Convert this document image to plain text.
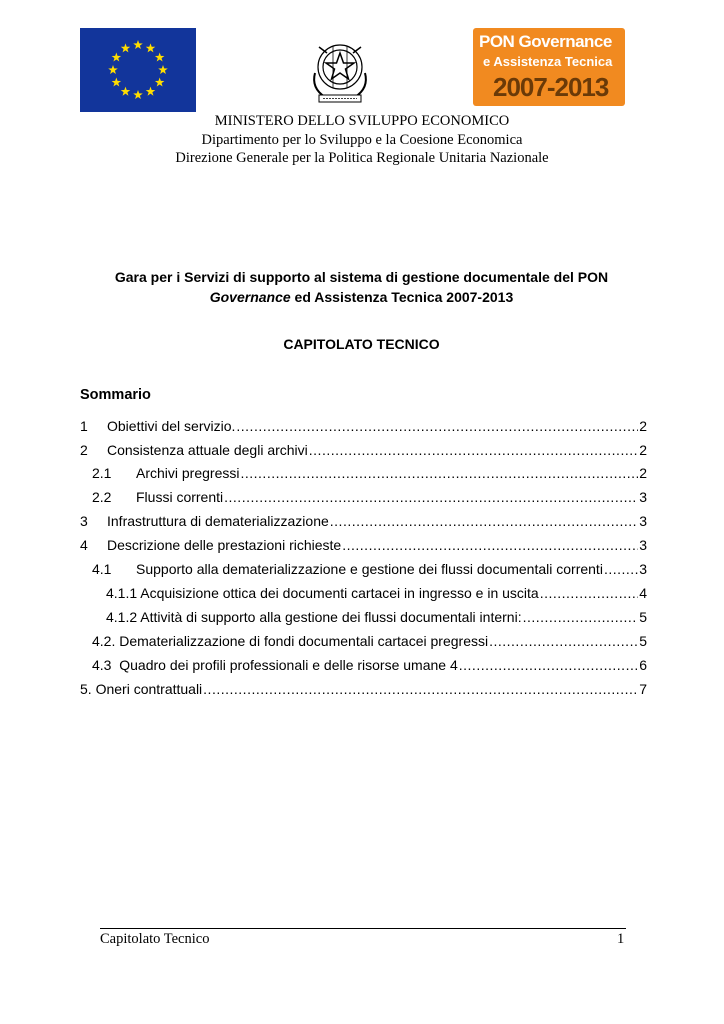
PON Governance
e Assistenza Tecnica
2007-2013
MINISTERO DELLO SVILUPPO ECONOMICO
Dipartimento per lo Sviluppo e la Coesione Economica
Direzione Generale per la Politica Regionale Unitaria Nazionale
Gara per i Servizi di supporto al sistema di gestione documentale del PON
Governance ed Assistenza Tecnica 2007-2013
CAPITOLATO TECNICO
Sommario
1	Obiettivi del servizio. .....	2
2	Consistenza attuale degli archivi .....	2
2.1	Archivi pregressi .....	2
2.2	Flussi correnti .....	3
3	Infrastruttura di dematerializzazione .....	3
4	Descrizione delle prestazioni richieste .....	3
4.1	Supporto alla dematerializzazione e gestione dei flussi documentali correnti .....	3
4.1.1 Acquisizione ottica dei documenti cartacei in ingresso e in uscita .....	4
4.1.2 Attività di supporto alla gestione dei flussi documentali interni: .....	5
4.2. Dematerializzazione di fondi documentali cartacei pregressi .....	5
4.3  Quadro dei profili professionali e delle risorse umane 4 .....	6
5. Oneri contrattuali .....	7
Capitolato Tecnico	1
